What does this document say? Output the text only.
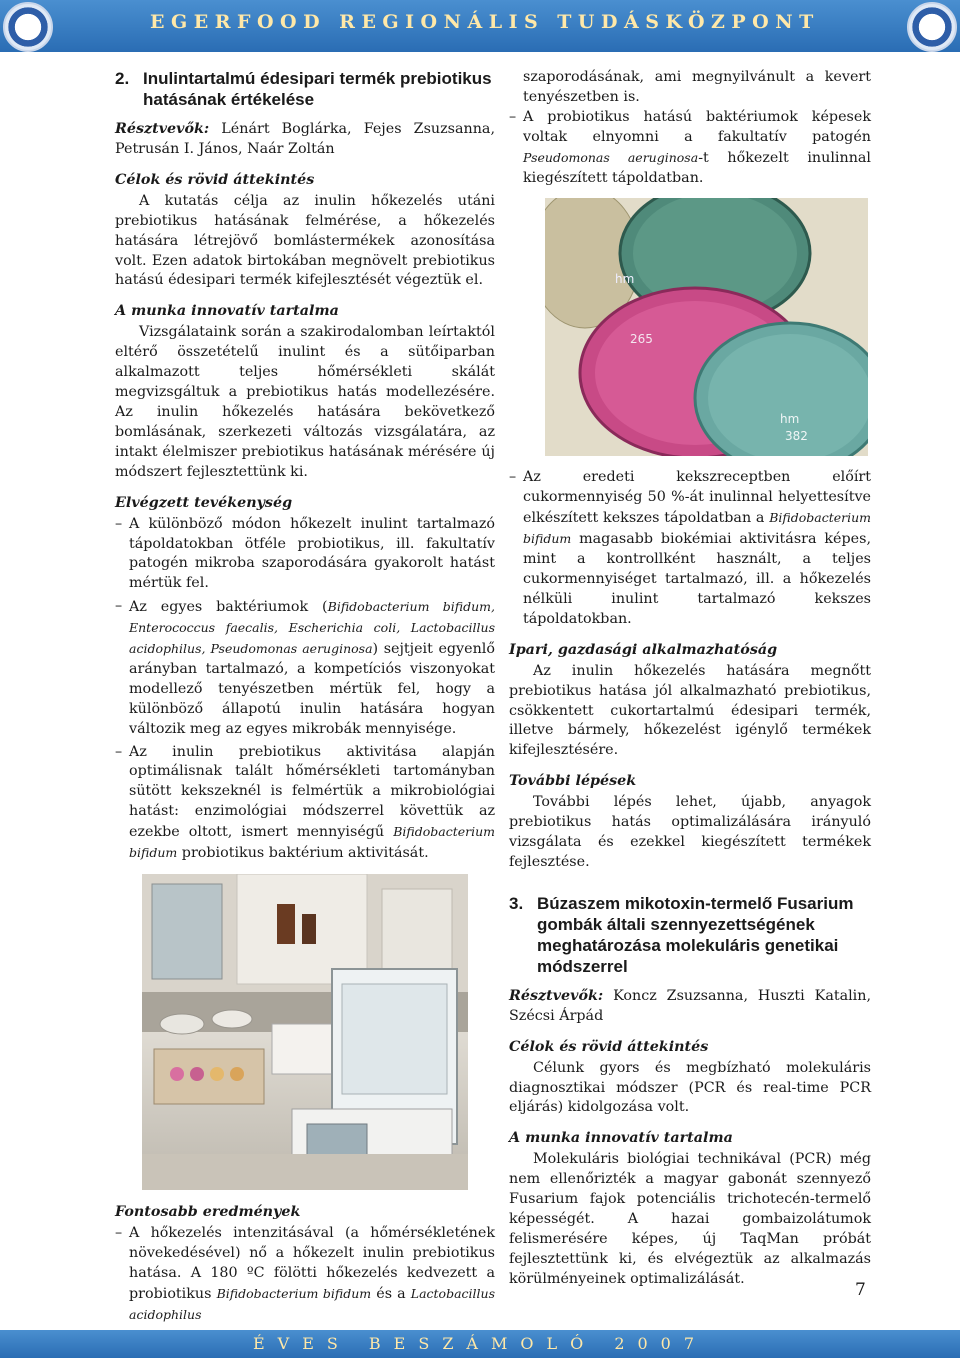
EGERFOOD REGIONÁLIS TUDÁSKÖZPONT
2. Inulintartalmú édesipari termék prebiotikus hatásának értékelése

Résztvevők: Lénárt Boglárka, Fejes Zsuzsanna, Petrusán I. János, Naár Zoltán

Célok és rövid áttekintés

A kutatás célja az inulin hőkezelés utáni prebiotikus hatásának felmérése, a hőkezelés hatására létrejövő bomlástermékek azonosítása volt. Ezen adatok birtokában megnövelt prebiotikus hatású édesipari termék kifejlesztését végeztük el.

A munka innovatív tartalma

Vizsgálataink során a szakirodalomban leírtaktól eltérő összetételű inulint és a sütőiparban alkalmazott teljes hőmérsékleti skálát megvizsgáltuk a prebiotikus hatás modellezésére. Az inulin hőkezelés hatására bekövetkező bomlásának, szerkezeti változás vizsgálatára, az intakt élelmiszer prebiotikus hatásának mérésére új módszert fejlesztettünk ki.

Elvégzett tevékenység
– A különböző módon hőkezelt inulint tartalmazó tápoldatokban ötféle probiotikus, ill. fakultatív patogén mikroba szaporodására gyakorolt hatást mértük fel.
– Az egyes baktériumok (Bifidobacterium bifidum, Enterococcus faecalis, Escherichia coli, Lactobacillus acidophilus, Pseudomonas aeruginosa) sejtjeit egyenlő arányban tartalmazó, a kompetíciós viszonyokat modellező tenyészetben mértük fel, hogy a különböző állapotú inulin hatására hogyan változik meg az egyes mikrobák mennyisége.
– Az inulin prebiotikus aktivitása alapján optimálisnak talált hőmérsékleti tartományban sütött kekszeknél is felmértük a mikrobiológiai hatást: enzimológiai módszerrel követtük az ezekbe oltott, ismert mennyiségű Bifidobacterium bifidum probiotikus baktérium aktivitását.
Fontosabb eredmények
– A hőkezelés intenzitásával (a hőmérsékletének növekedésével) nő a hőkezelt inulin prebiotikus hatása. A 180 ºC fölötti hőkezelés kedvezett a probiotikus Bifidobacterium bifidum és a Lactobacillus acidophilus

szaporodásának, ami megnyilvánult a kevert tenyészetben is.

– A probiotikus hatású baktériumok képesek voltak elnyomni a fakultatív patogén Pseudomonas aeruginosa-t hőkezelt inulinnal kiegészített tápoldatban.
hm
265
hm
382
– Az eredeti kekszreceptben előírt cukormennyiség 50 %-át inulinnal helyettesítve elkészített kekszes tápoldatban a Bifidobacterium bifidum magasabb biokémiai aktivitásra képes, mint a kontrollként használt, a teljes cukormennyiséget tartalmazó, ill. a hőkezelés nélküli inulint tartalmazó kekszes tápoldatokban.
Ipari, gazdasági alkalmazhatóság

Az inulin hőkezelés hatására megnőtt prebiotikus hatása jól alkalmazható prebiotikus, csökkentett cukortartalmú édesipari termék, illetve bármely, hőkezelést igénylő termékek kifejlesztésére.

További lépések

További lépés lehet, újabb, anyagok prebiotikus hatás optimalizálására irányuló vizsgálata és ezekkel kiegészített termékek fejlesztése.

3. Búzaszem mikotoxin-termelő Fusarium gombák általi szennyezettségének meghatározása molekuláris genetikai módszerrel

Résztvevők: Koncz Zsuzsanna, Huszti Katalin, Szécsi Árpád

Célok és rövid áttekintés

Célunk gyors és megbízható molekuláris diagnosztikai módszer (PCR és real-time PCR eljárás) kidolgozása volt.

A munka innovatív tartalma

Molekuláris biológiai technikával (PCR) még nem ellenőrizték a magyar gabonát szennyező Fusarium fajok potenciális trichotecén-termelő képességét. A hazai gombaizolátumok felismerésére képes, új TaqMan próbát fejlesztettünk ki, és elvégeztük az alkalmazás körülményeinek optimalizálását.

7
ÉVES BESZÁMOLÓ 2007
